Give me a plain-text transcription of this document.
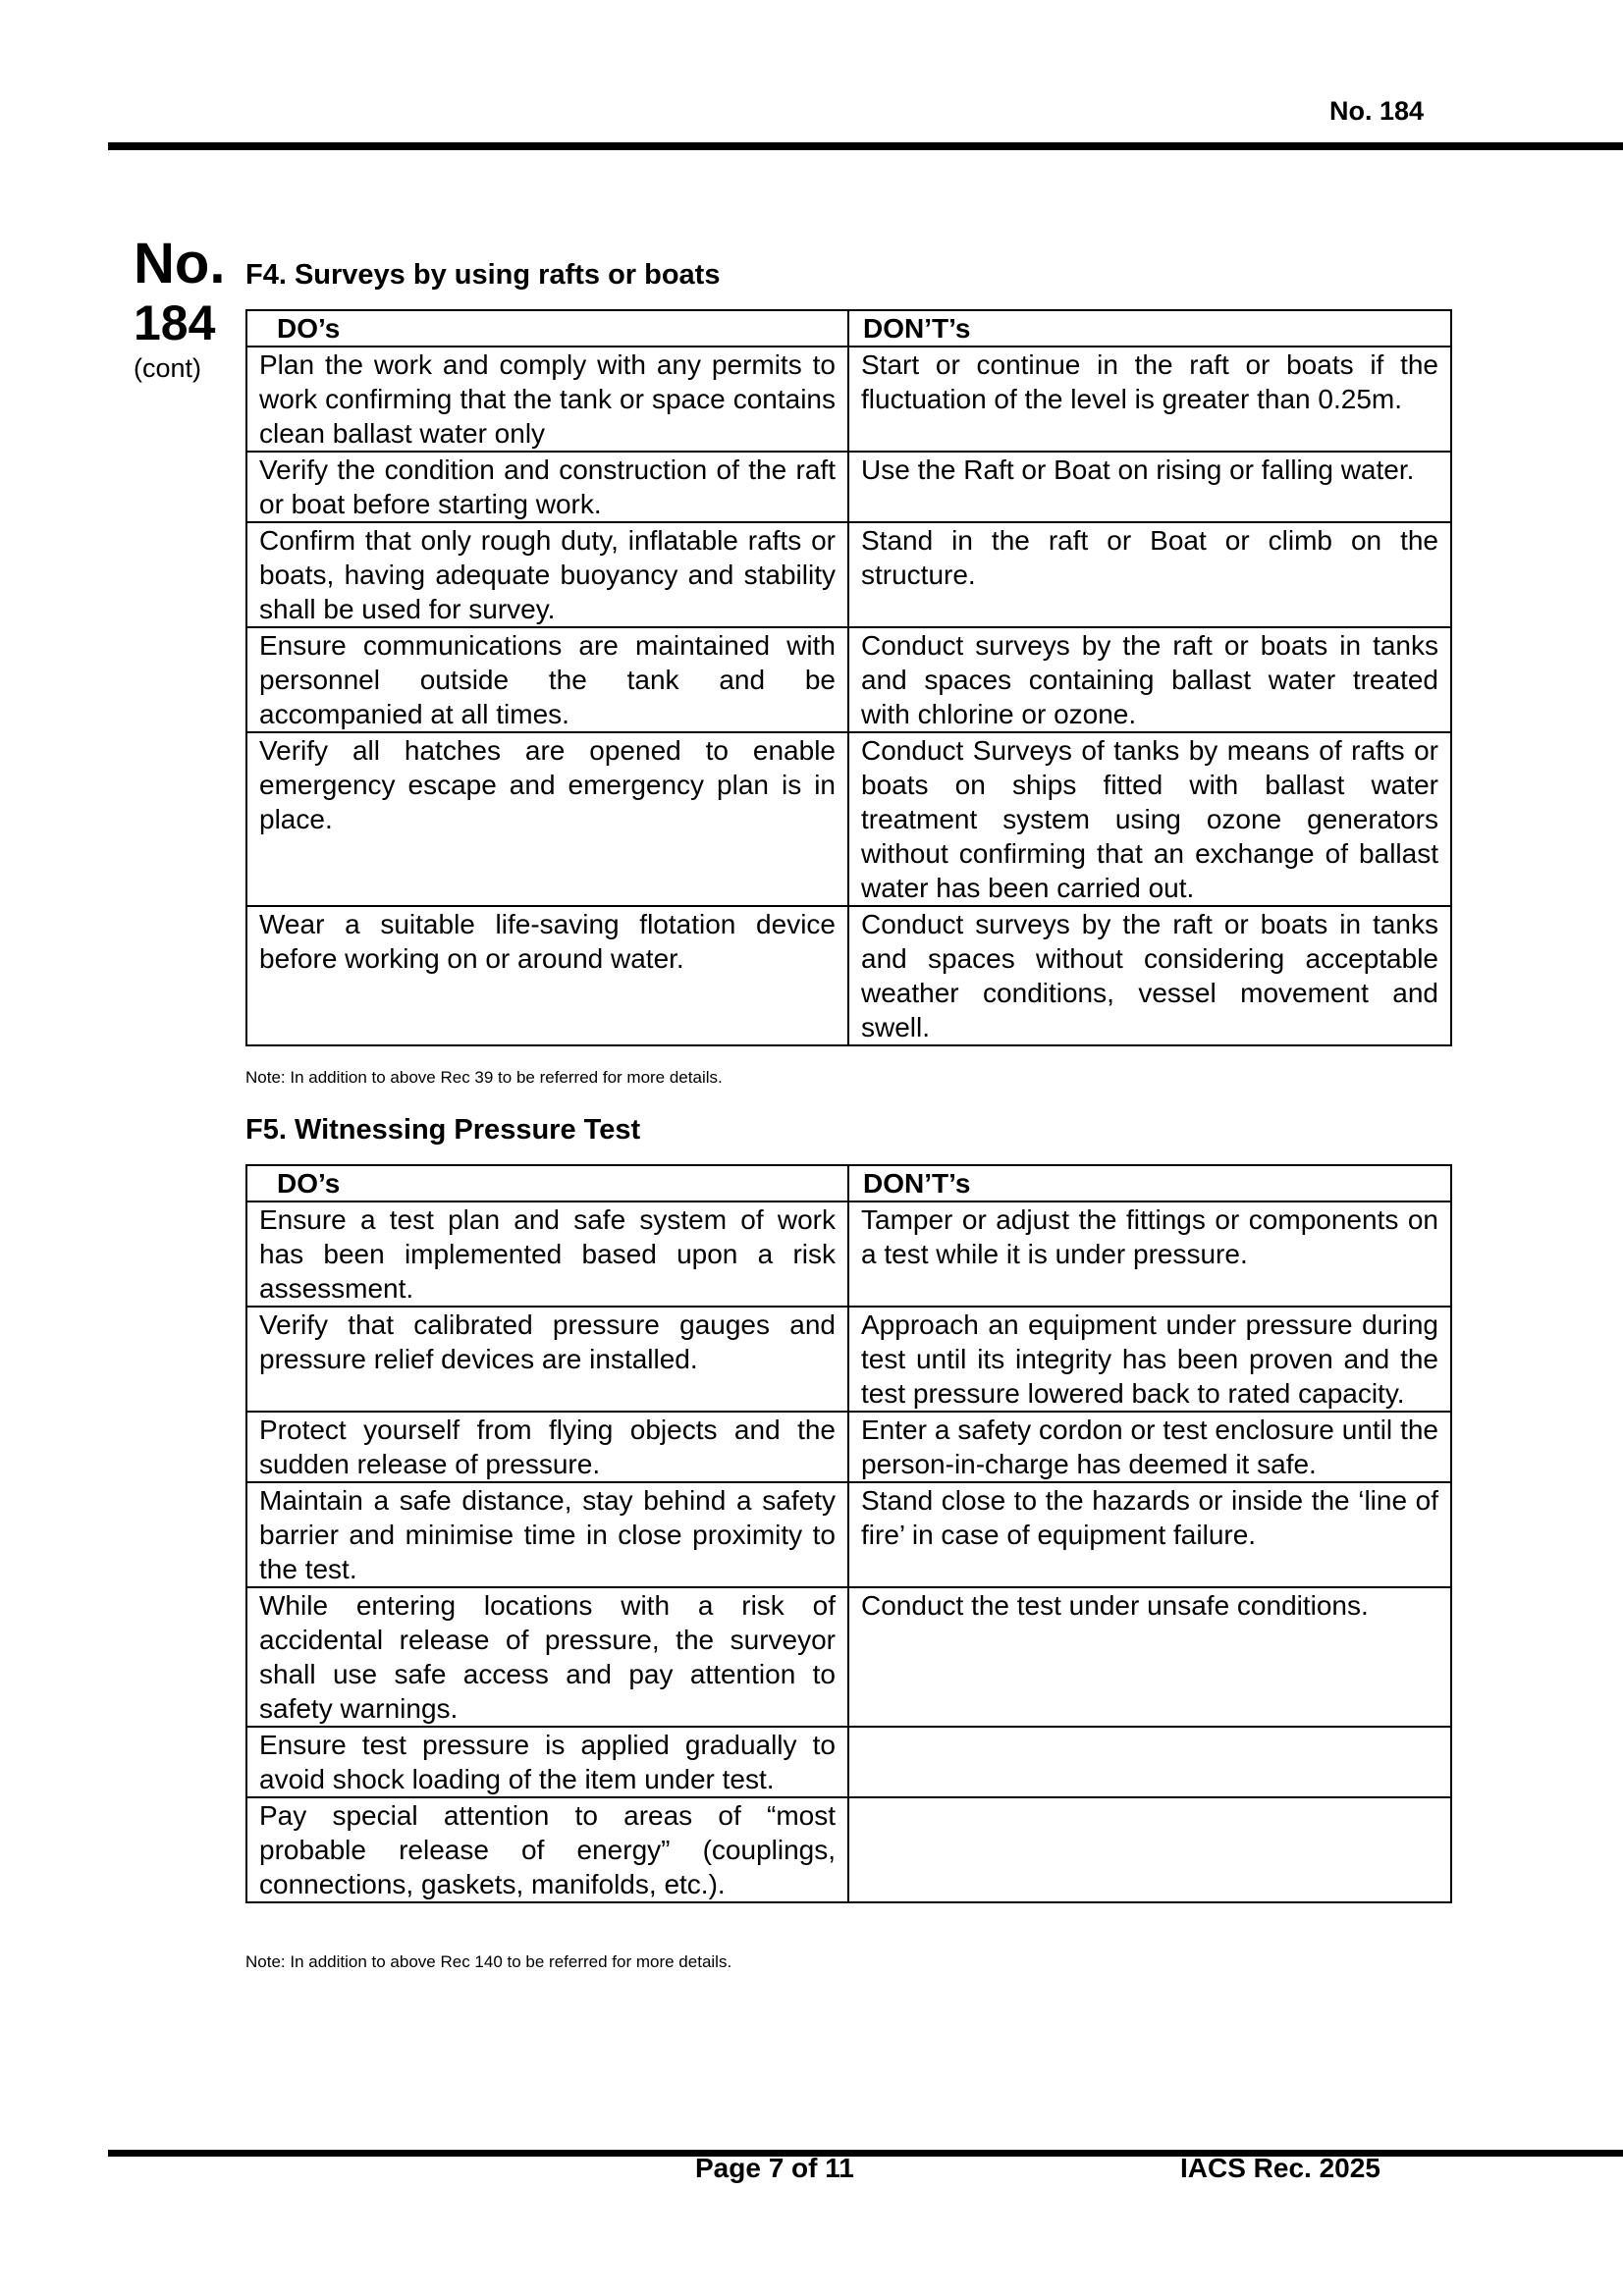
No. 184
No.
184
(cont)
F4. Surveys by using rafts or boats
DO’s	DON’T’s
Plan the work and comply with any permits to work confirming that the tank or space contains clean ballast water only	Start or continue in the raft or boats if the fluctuation of the level is greater than 0.25m.
Verify the condition and construction of the raft or boat before starting work.	Use the Raft or Boat on rising or falling water.
Confirm that only rough duty, inflatable rafts or boats, having adequate buoyancy and stability shall be used for survey.	Stand in the raft or Boat or climb on the structure.
Ensure communications are maintained with personnel outside the tank and be accompanied at all times.	Conduct surveys by the raft or boats in tanks and spaces containing ballast water treated with chlorine or ozone.
Verify all hatches are opened to enable emergency escape and emergency plan is in place.	Conduct Surveys of tanks by means of rafts or boats on ships fitted with ballast water treatment system using ozone generators without confirming that an exchange of ballast water has been carried out.
Wear a suitable life-saving flotation device before working on or around water.	Conduct surveys by the raft or boats in tanks and spaces without considering acceptable weather conditions, vessel movement and swell.
Note: In addition to above Rec 39 to be referred for more details.
F5. Witnessing Pressure Test
DO’s	DON’T’s
Ensure a test plan and safe system of work has been implemented based upon a risk assessment.	Tamper or adjust the fittings or components on a test while it is under pressure.
Verify that calibrated pressure gauges and pressure relief devices are installed.	Approach an equipment under pressure during test until its integrity has been proven and the test pressure lowered back to rated capacity.
Protect yourself from flying objects and the sudden release of pressure.	Enter a safety cordon or test enclosure until the person-in-charge has deemed it safe.
Maintain a safe distance, stay behind a safety barrier and minimise time in close proximity to the test.	Stand close to the hazards or inside the ‘line of fire’ in case of equipment failure.
While entering locations with a risk of accidental release of pressure, the surveyor shall use safe access and pay attention to safety warnings.	Conduct the test under unsafe conditions.
Ensure test pressure is applied gradually to avoid shock loading of the item under test.	
Pay special attention to areas of “most probable release of energy” (couplings, connections, gaskets, manifolds, etc.).	
Note: In addition to above Rec 140 to be referred for more details.
Page 7 of 11	IACS Rec. 2025
